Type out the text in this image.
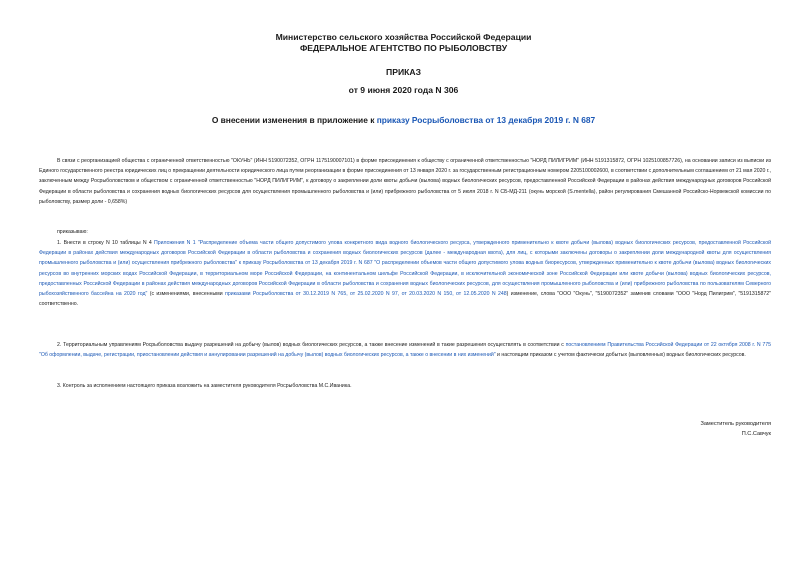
Министерство сельского хозяйства Российской Федерации
ФЕДЕРАЛЬНОЕ АГЕНТСТВО ПО РЫБОЛОВСТВУ
ПРИКАЗ
от 9 июня 2020 года N 306
О внесении изменения в приложение к приказу Росрыболовства от 13 декабря 2019 г. N 687
В связи с реорганизацией общества с ограниченной ответственностью "ОКУНЬ" (ИНН 5190072352, ОГРН 1175190007101) в форме присоединения к обществу с ограниченной ответственностью "НОРД ПИЛИГРИМ" (ИНН 5191315872, ОГРН 1025100857726), на основании записи из выписки из Единого государственного реестра юридических лиц о прекращении деятельности юридического лица путем реорганизации в форме присоединения от 13 января 2020 г. за государственным регистрационным номером 2205100002600, в соответствии с дополнительным соглашением от 21 мая 2020 г., заключенным между Росрыболовством и обществом с ограниченной ответственностью "НОРД ПИЛИГРИМ", к договору о закреплении доли квоты добычи (вылова) водных биологических ресурсов, предоставленной Российской Федерации в районах действия международных договоров Российской Федерации в области рыболовства и сохранения водных биологических ресурсов для осуществления промышленного рыболовства и (или) прибрежного рыболовства от 5 июля 2018 г. N СБ-МД-211 (окунь морской (S.mentella), район регулирования Смешанной Российско-Норвежской комиссии по рыболовству, размер доли - 0,658%)
приказываю:
1. Внести в строку N 10 таблицы N 4 Приложения N 1 "Распределение объема части общего допустимого улова конкретного вида водного биологического ресурса, утвержденного применительно к квоте добычи (вылова) водных биологических ресурсов, предоставленной Российской Федерации в районах действия международных договоров Российской Федерации в области рыболовства и сохранения водных биологических ресурсов (далее - международная квота), для лиц, с которыми заключены договоры о закреплении доли международной квоты для осуществления промышленного рыболовства и (или) осуществления прибрежного рыболовства" к приказу Росрыболовства от 13 декабря 2019 г. N 687 "О распределении объемов части общего допустимого улова водных биоресурсов, утвержденных применительно к квоте добычи (вылова) водных биологических ресурсов во внутренних морских водах Российской Федерации, в территориальном море Российской Федерации, на континентальном шельфе Российской Федерации, в исключительной экономической зоне Российской Федерации или квоте добычи (вылова) водных биологических ресурсов, предоставленных Российской Федерации в районах действия международных договоров Российской Федерации в области рыболовства и сохранения водных биологических ресурсов, для осуществления промышленного рыболовства и (или) прибрежного рыболовства по пользователям Северного рыбохозяйственного бассейна на 2020 год" (с изменениями, внесенными приказами Росрыболовства от 30.12.2019 N 765, от 25.02.2020 N 97, от 20.03.2020 N 150, от 12.05.2020 N 248) изменение, слова "ООО "Окунь", "5190072352" заменив словами "ООО "Норд Пилигрим", "5191315872" соответственно.
2. Территориальным управлениям Росрыболовства выдачу разрешений на добычу (вылов) водных биологических ресурсов, а также внесение изменений в такие разрешения осуществлять в соответствии с постановлением Правительства Российской Федерации от 22 октября 2008 г. N 775 "Об оформлении, выдаче, регистрации, приостановлении действия и аннулировании разрешений на добычу (вылов) водных биологических ресурсов, а также о внесении в них изменений" и настоящим приказом с учетом фактически добытых (выловленных) водных биологических ресурсов.
3. Контроль за исполнением настоящего приказа возложить на заместителя руководителя Росрыболовства М.С.Иваника.
Заместитель руководителя
П.С.Савчук
